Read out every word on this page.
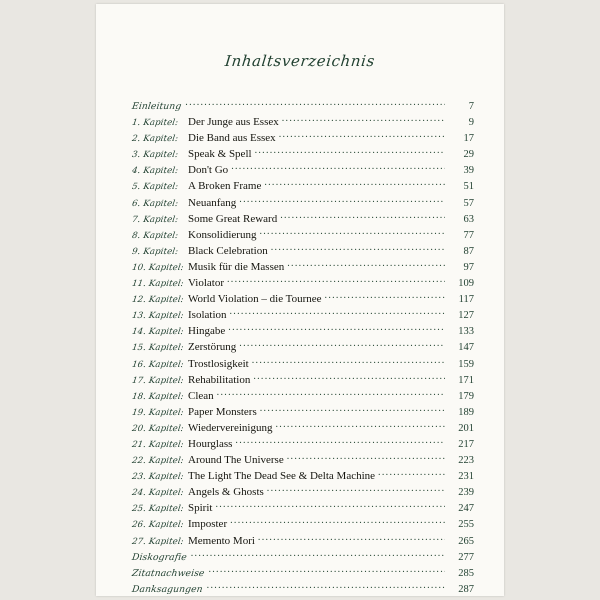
Inhaltsverzeichnis
Einleitung .....	7
1. Kapitel: Der Junge aus Essex .....	9
2. Kapitel: Die Band aus Essex .....	17
3. Kapitel: Speak & Spell .....	29
4. Kapitel: Don't Go .....	39
5. Kapitel: A Broken Frame .....	51
6. Kapitel: Neuanfang .....	57
7. Kapitel: Some Great Reward .....	63
8. Kapitel: Konsolidierung .....	77
9. Kapitel: Black Celebration .....	87
10. Kapitel: Musik für die Massen .....	97
11. Kapitel: Violator .....	109
12. Kapitel: World Violation – die Tournee .....	117
13. Kapitel: Isolation .....	127
14. Kapitel: Hingabe .....	133
15. Kapitel: Zerstörung .....	147
16. Kapitel: Trostlosigkeit .....	159
17. Kapitel: Rehabilitation .....	171
18. Kapitel: Clean .....	179
19. Kapitel: Paper Monsters .....	189
20. Kapitel: Wiedervereinigung .....	201
21. Kapitel: Hourglass .....	217
22. Kapitel: Around The Universe .....	223
23. Kapitel: The Light The Dead See & Delta Machine .....	231
24. Kapitel: Angels & Ghosts .....	239
25. Kapitel: Spirit .....	247
26. Kapitel: Imposter .....	255
27. Kapitel: Memento Mori .....	265
Diskografie .....	277
Zitatnachweise .....	285
Danksagungen .....	287
